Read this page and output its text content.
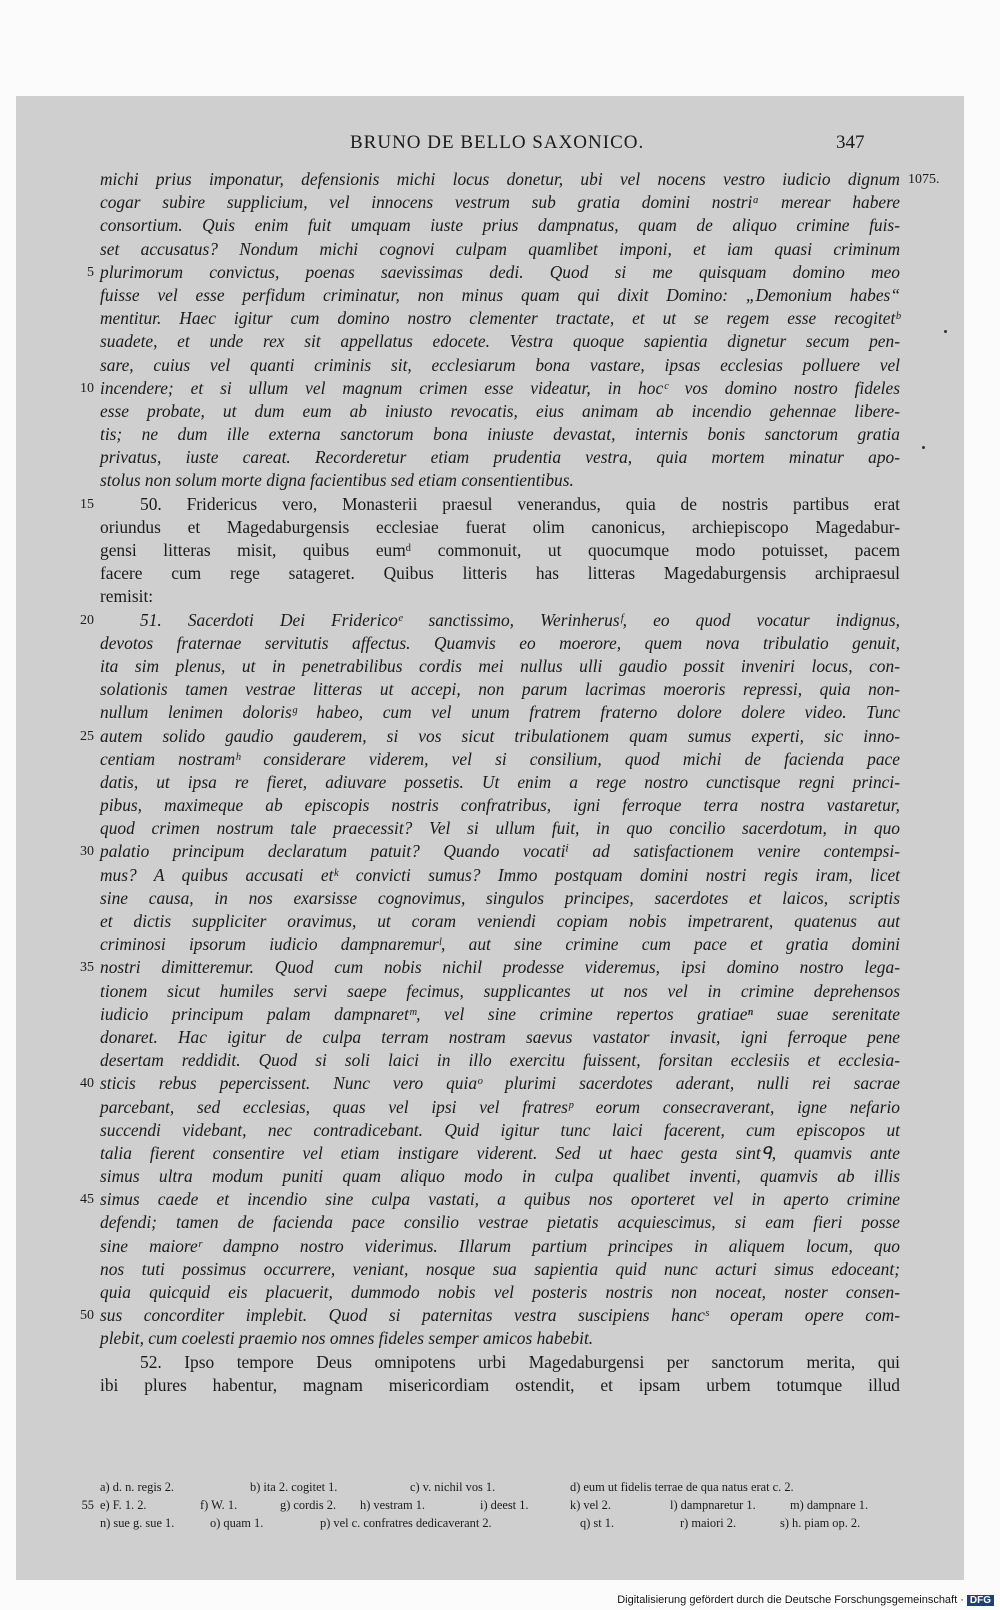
BRUNO DE BELLO SAXONICO.	347
michi prius imponatur, defensionis michi locus donetur, ubi vel nocens vestro iudicio dignum 1075.
cogar subire supplicium, vel innocens vestrum sub gratia domini nostriᵃ merear habere
consortium. Quis enim fuit umquam iuste prius dampnatus, quam de aliquo crimine fuis-
set accusatus? Nondum michi cognovi culpam quamlibet imponi, et iam quasi criminum
5 plurimorum convictus, poenas saevissimas dedi. Quod si me quisquam domino meo
fuisse vel esse perfidum criminatur, non minus quam qui dixit Domino: „Demonium habes“
mentitur. Haec igitur cum domino nostro clementer tractate, et ut se regem esse recogitetᵇ
suadete, et unde rex sit appellatus edocete. Vestra quoque sapientia dignetur secum pen-
sare, cuius vel quanti criminis sit, ecclesiarum bona vastare, ipsas ecclesias polluere vel
10 incendere; et si ullum vel magnum crimen esse videatur, in hocᶜ vos domino nostro fideles
esse probate, ut dum eum ab iniusto revocatis, eius animam ab incendio gehennae libere-
tis; ne dum ille externa sanctorum bona iniuste devastat, internis bonis sanctorum gratia
privatus, iuste careat. Recorderetur etiam prudentia vestra, quia mortem minatur apo-
stolus non solum morte digna facientibus sed etiam consentientibus.
15	50. Fridericus vero, Monasterii praesul venerandus, quia de nostris partibus erat
oriundus et Magedaburgensis ecclesiae fuerat olim canonicus, archiepiscopo Magedabur-
gensi litteras misit, quibus eumᵈ commonuit, ut quocumque modo potuisset, pacem
facere cum rege satageret. Quibus litteris has litteras Magedaburgensis archipraesul
remisit:
20	51. Sacerdoti Dei Fridericoᵉ sanctissimo, Werinherusᶠ, eo quod vocatur indignus,
devotos fraternae servitutis affectus. Quamvis eo moerore, quem nova tribulatio genuit,
ita sim plenus, ut in penetrabilibus cordis mei nullus ulli gaudio possit inveniri locus, con-
solationis tamen vestrae litteras ut accepi, non parum lacrimas moeroris repressi, quia non-
nullum lenimen dolorisᵍ habeo, cum vel unum fratrem fraterno dolore dolere video. Tunc
25 autem solido gaudio gauderem, si vos sicut tribulationem quam sumus experti, sic inno-
centiam nostramʰ considerare viderem, vel si consilium, quod michi de facienda pace
datis, ut ipsa re fieret, adiuvare possetis. Ut enim a rege nostro cunctisque regni princi-
pibus, maximeque ab episcopis nostris confratribus, igni ferroque terra nostra vastaretur,
quod crimen nostrum tale praecessit? Vel si ullum fuit, in quo concilio sacerdotum, in quo
30 palatio principum declaratum patuit? Quando vocatiⁱ ad satisfactionem venire contempsi-
mus? A quibus accusati etᵏ convicti sumus? Immo postquam domini nostri regis iram, licet
sine causa, in nos exarsisse cognovimus, singulos principes, sacerdotes et laicos, scriptis
et dictis suppliciter oravimus, ut coram veniendi copiam nobis impetrarent, quatenus aut
criminosi ipsorum iudicio dampnaremurˡ, aut sine crimine cum pace et gratia domini
35 nostri dimitteremur. Quod cum nobis nichil prodesse videremus, ipsi domino nostro lega-
tionem sicut humiles servi saepe fecimus, supplicantes ut nos vel in crimine deprehensos
iudicio principum palam dampnaretᵐ, vel sine crimine repertos gratiaeⁿ suae serenitate
donaret. Hac igitur de culpa terram nostram saevus vastator invasit, igni ferroque pene
desertam reddidit. Quod si soli laici in illo exercitu fuissent, forsitan ecclesiis et ecclesia-
40 sticis rebus pepercissent. Nunc vero quiaᵒ plurimi sacerdotes aderant, nulli rei sacrae
parcebant, sed ecclesias, quas vel ipsi vel fratresᵖ eorum consecraverant, igne nefario
succendi videbant, nec contradicebant. Quid igitur tunc laici facerent, cum episcopos ut
talia fierent consentire vel etiam instigare viderent. Sed ut haec gesta sintᑫ, quamvis ante
simus ultra modum puniti quam aliquo modo in culpa qualibet inventi, quamvis ab illis
45 simus caede et incendio sine culpa vastati, a quibus nos oporteret vel in aperto crimine
defendi; tamen de facienda pace consilio vestrae pietatis acquiescimus, si eam fieri posse
sine maioreʳ dampno nostro viderimus. Illarum partium principes in aliquem locum, quo
nos tuti possimus occurrere, veniant, nosque sua sapientia quid nunc acturi simus edoceant;
quia quicquid eis placuerit, dummodo nobis vel posteris nostris non noceat, noster consen-
50 sus concorditer implebit. Quod si paternitas vestra suscipiens hancˢ operam opere com-
plebit, cum coelesti praemio nos omnes fideles semper amicos habebit.
52. Ipso tempore Deus omnipotens urbi Magedaburgensi per sanctorum merita, qui
ibi plures habentur, magnam misericordiam ostendit, et ipsam urbem totumque illud
a) d. n. regis 2.	b) ita 2. cogitet 1.	c) v. nichil vos 1.	d) eum ut fidelis terrae de qua natus erat c. 2.
55 e) F. 1. 2.	f) W. 1.	g) cordis 2. h) vestram 1.	i) deest 1.	k) vel 2.	l) dampnaretur 1.	m) dampnare 1.
n) sue g. sue 1.	o) quam 1.	p) vel c. confratres dedicaverant 2.	q) st 1.	r) maiori 2.	s) h. piam op. 2.
Digitalisierung gefördert durch die Deutsche Forschungsgemeinschaft · DFG
